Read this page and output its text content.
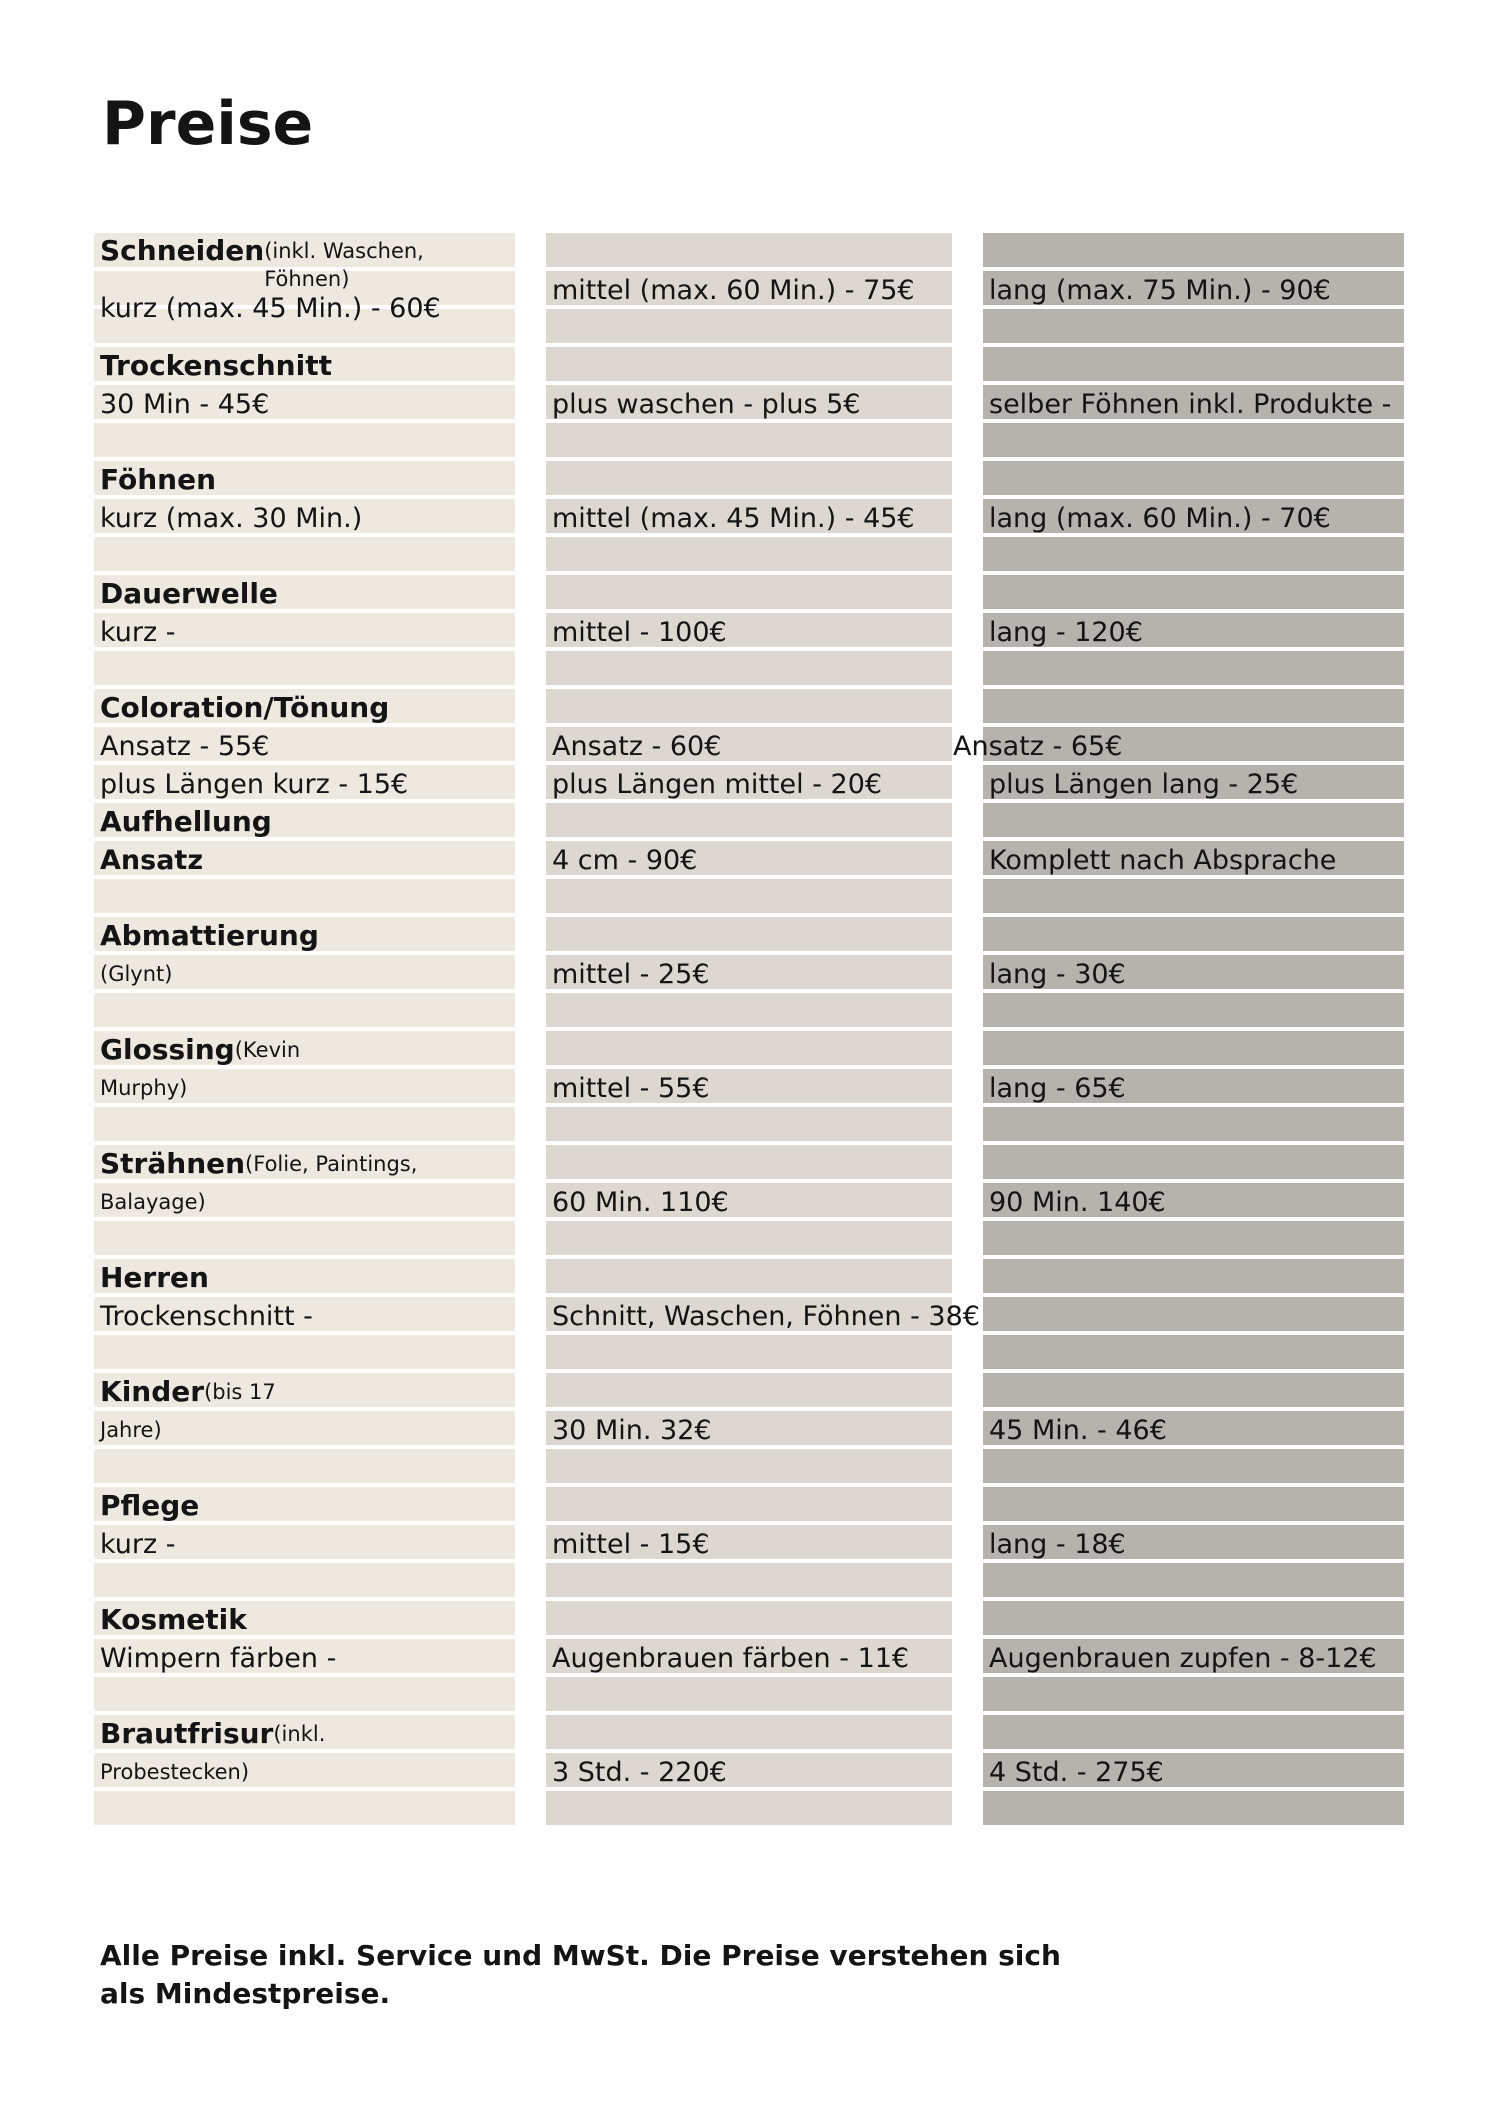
Preise
Schneiden (inkl. Waschen, Föhnen)
kurz (max. 45 Min.) - 60€
Trockenschnitt
30 Min - 45€
Föhnen
kurz (max. 30 Min.)
Dauerwelle
kurz -
Coloration/Tönung
Ansatz - 55€
plus Längen kurz - 15€
Aufhellung
Ansatz
Abmattierung
(Glynt)
Glossing (Kevin
Murphy)
Strähnen (Folie, Paintings,
Balayage)
Herren
Trockenschnitt -
Kinder (bis 17
Jahre)
Pflege
kurz -
Kosmetik
Wimpern färben -
Brautfrisur (inkl.
Probestecken)
mittel (max. 60 Min.) - 75€
plus waschen - plus 5€
mittel (max. 45 Min.) - 45€
mittel - 100€
Ansatz - 60€
plus Längen mittel - 20€
4 cm - 90€
mittel - 25€
mittel - 55€
60 Min. 110€
Schnitt, Waschen, Föhnen - 38€
30 Min. 32€
mittel - 15€
Augenbrauen färben - 11€
3 Std. - 220€
lang (max. 75 Min.) - 90€
selber Föhnen inkl. Produkte -
lang (max. 60 Min.) - 70€
lang - 120€
Ansatz - 65€
plus Längen lang - 25€
Komplett nach Absprache
lang - 30€
lang - 65€
90 Min. 140€
45 Min. - 46€
lang - 18€
Augenbrauen zupfen - 8-12€
4 Std. - 275€

Alle Preise inkl. Service und MwSt. Die Preise verstehen sich als Mindestpreise.
